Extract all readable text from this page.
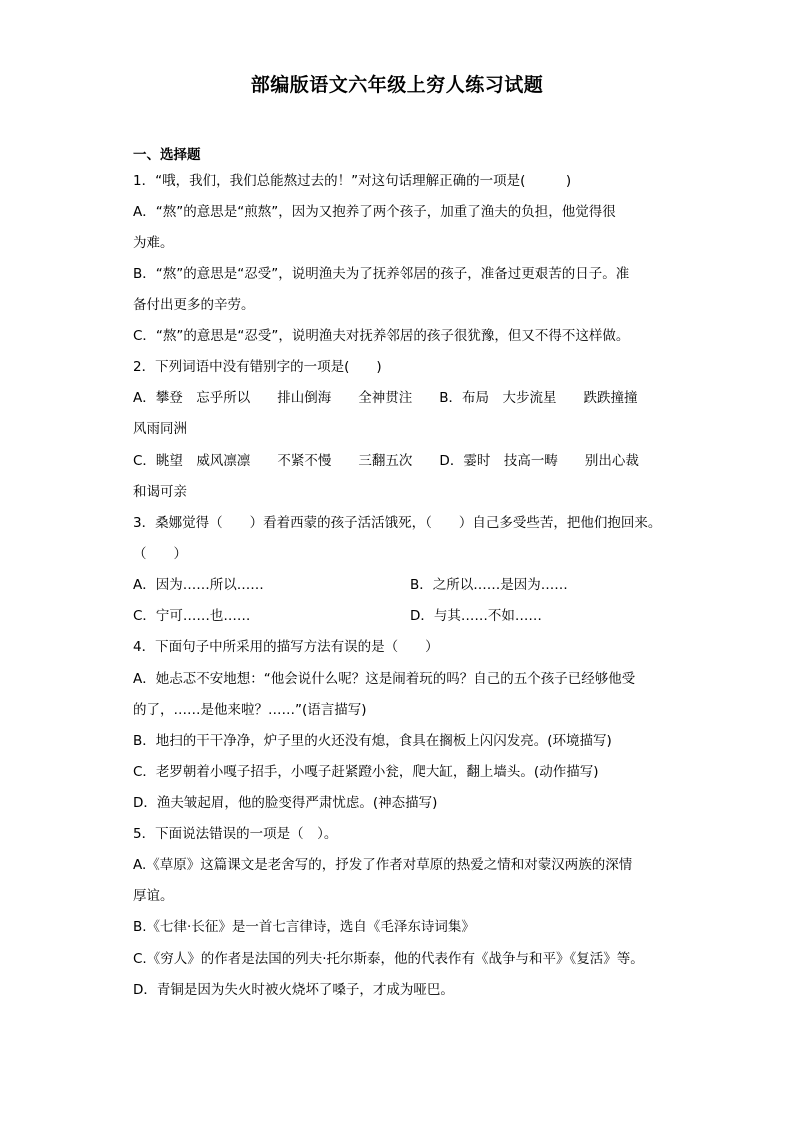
部编版语文六年级上穷人练习试题
一、选择题
1．“哦，我们，我们总能熬过去的！”对这句话理解正确的一项是(　　　)
A．“熬”的意思是“煎熬”，因为又抱养了两个孩子，加重了渔夫的负担，他觉得很
为难。
B．“熬”的意思是“忍受”，说明渔夫为了抚养邻居的孩子，准备过更艰苦的日子。准
备付出更多的辛劳。
C．“熬”的意思是“忍受”，说明渔夫对抚养邻居的孩子很犹豫，但又不得不这样做。
2．下列词语中没有错别字的一项是(　　)
A．攀登　忘乎所以　　排山倒海　　全神贯注　　B．布局　大步流星　　跌跌撞撞
风雨同洲
C．眺望　威风凛凛　　不紧不慢　　三翻五次　　D．霎时　技高一畴　　别出心裁
和谒可亲
3．桑娜觉得（　　）看着西蒙的孩子活活饿死，（　　）自己多受些苦，把他们抱回来。
（　　）
A．因为……所以……	B．之所以……是因为……
C．宁可……也……	D．与其……不如……
4．下面句子中所采用的描写方法有误的是（　　）
A．她忐忑不安地想：“他会说什么呢？这是闹着玩的吗？自己的五个孩子已经够他受
的了，……是他来啦？……”(语言描写)
B．地扫的干干净净，炉子里的火还没有熄，食具在搁板上闪闪发亮。(环境描写)
C．老罗朝着小嘎子招手，小嘎子赶紧蹬小瓮，爬大缸，翻上墙头。(动作描写)
D．渔夫皱起眉，他的脸变得严肃忧虑。(神态描写)
5．下面说法错误的一项是（　）。
A.《草原》这篇课文是老舍写的，抒发了作者对草原的热爱之情和对蒙汉两族的深情
厚谊。
B.《七律·长征》是一首七言律诗，选自《毛泽东诗词集》
C.《穷人》的作者是法国的列夫·托尔斯泰，他的代表作有《战争与和平》《复活》等。
D．青铜是因为失火时被火烧坏了嗓子，才成为哑巴。
